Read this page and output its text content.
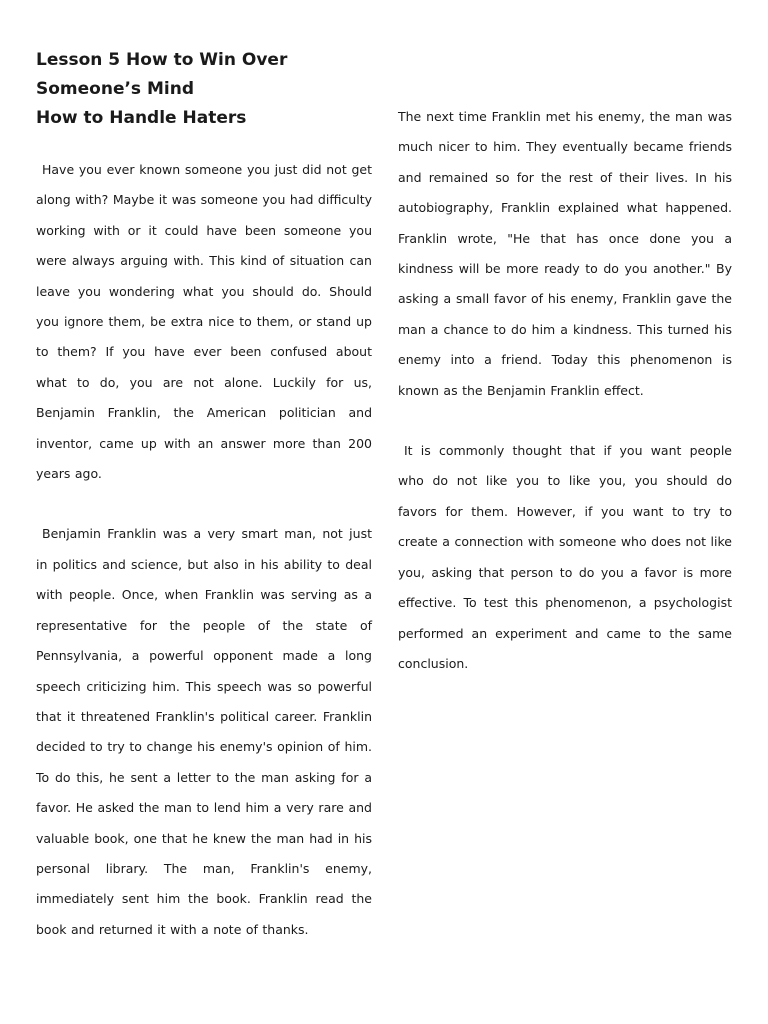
Lesson 5 How to Win Over
Someone’s Mind
How to Handle Haters

Have you ever known someone you just did not get along with? Maybe it was someone you had difficulty working with or it could have been someone you were always arguing with. This kind of situation can leave you wondering what you should do. Should you ignore them, be extra nice to them, or stand up to them? If you have ever been confused about what to do, you are not alone. Luckily for us, Benjamin Franklin, the American politician and inventor, came up with an answer more than 200 years ago.

Benjamin Franklin was a very smart man, not just in politics and science, but also in his ability to deal with people. Once, when Franklin was serving as a representative for the people of the state of Pennsylvania, a powerful opponent made a long speech criticizing him. This speech was so powerful that it threatened Franklin's political career. Franklin decided to try to change his enemy's opinion of him. To do this, he sent a letter to the man asking for a favor. He asked the man to lend him a very rare and valuable book, one that he knew the man had in his personal library. The man, Franklin's enemy, immediately sent him the book. Franklin read the book and returned it with a note of thanks.

The next time Franklin met his enemy, the man was much nicer to him. They eventually became friends and remained so for the rest of their lives. In his autobiography, Franklin explained what happened. Franklin wrote, "He that has once done you a kindness will be more ready to do you another." By asking a small favor of his enemy, Franklin gave the man a chance to do him a kindness. This turned his enemy into a friend. Today this phenomenon is known as the Benjamin Franklin effect.

It is commonly thought that if you want people who do not like you to like you, you should do favors for them. However, if you want to try to create a connection with someone who does not like you, asking that person to do you a favor is more effective. To test this phenomenon, a psychologist performed an experiment and came to the same conclusion.
